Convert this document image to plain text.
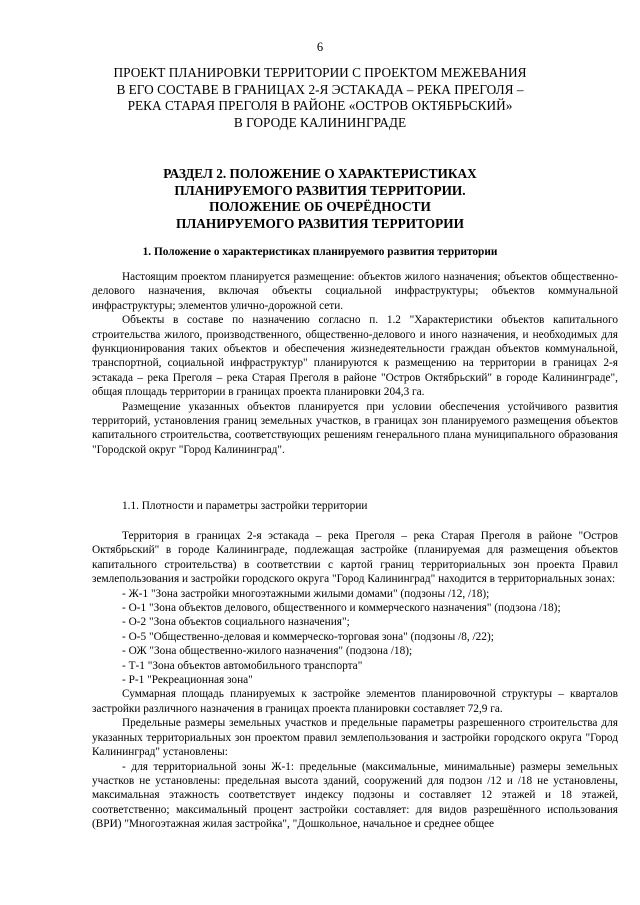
6
ПРОЕКТ ПЛАНИРОВКИ ТЕРРИТОРИИ С ПРОЕКТОМ МЕЖЕВАНИЯ
В ЕГО СОСТАВЕ В ГРАНИЦАХ 2-Я ЭСТАКАДА – РЕКА ПРЕГОЛЯ –
РЕКА СТАРАЯ ПРЕГОЛЯ В РАЙОНЕ «ОСТРОВ ОКТЯБРЬСКИЙ»
В ГОРОДЕ КАЛИНИНГРАДЕ
РАЗДЕЛ 2. ПОЛОЖЕНИЕ О ХАРАКТЕРИСТИКАХ
ПЛАНИРУЕМОГО РАЗВИТИЯ ТЕРРИТОРИИ.
ПОЛОЖЕНИЕ ОБ ОЧЕРЁДНОСТИ
ПЛАНИРУЕМОГО РАЗВИТИЯ ТЕРРИТОРИИ
1. Положение о характеристиках планируемого развития территории

Настоящим проектом планируется размещение: объектов жилого назначения; объектов общественно-делового назначения, включая объекты социальной инфраструктуры; объектов коммунальной инфраструктуры; элементов улично-дорожной сети.

Объекты в составе по назначению согласно п. 1.2 "Характеристики объектов капитального строительства жилого, производственного, общественно-делового и иного назначения, и необходимых для функционирования таких объектов и обеспечения жизнедеятельности граждан объектов коммунальной, транспортной, социальной инфраструктур" планируются к размещению на территории в границах 2-я эстакада – река Преголя – река Старая Преголя в районе "Остров Октябрьский" в городе Калининграде", общая площадь территории в границах проекта планировки 204,3 га.

Размещение указанных объектов планируется при условии обеспечения устойчивого развития территорий, установления границ земельных участков, в границах зон планируемого размещения объектов капитального строительства, соответствующих решениям генерального плана муниципального образования "Городской округ "Город Калининград".

1.1. Плотности и параметры застройки территории

Территория в границах 2-я эстакада – река Преголя – река Старая Преголя в районе "Остров Октябрьский" в городе Калининграде, подлежащая застройке (планируемая для размещения объектов капитального строительства) в соответствии с картой границ территориальных зон проекта Правил землепользования и застройки городского округа "Город Калининград" находится в территориальных зонах:

- Ж-1 "Зона застройки многоэтажными жилыми домами" (подзоны /12, /18);
- О-1 "Зона объектов делового, общественного и коммерческого назначения" (подзона /18);
- О-2 "Зона объектов социального назначения";
- О-5 "Общественно-деловая и коммерческо-торговая зона" (подзоны /8, /22);
- ОЖ "Зона общественно-жилого назначения" (подзона /18);
- Т-1 "Зона объектов автомобильного транспорта"
- Р-1 "Рекреационная зона"

Суммарная площадь планируемых к застройке элементов планировочной структуры – кварталов застройки различного назначения в границах проекта планировки составляет 72,9 га.

Предельные размеры земельных участков и предельные параметры разрешенного строительства для указанных территориальных зон проектом правил землепользования и застройки городского округа "Город Калининград" установлены:

- для территориальной зоны Ж-1: предельные (максимальные, минимальные) размеры земельных участков не установлены: предельная высота зданий, сооружений для подзон /12 и /18 не установлены, максимальная этажность соответствует индексу подзоны и составляет 12 этажей и 18 этажей, соответственно; максимальный процент застройки составляет: для видов разрешённого использования (ВРИ) "Многоэтажная жилая застройка", "Дошкольное, начальное и среднее общее
